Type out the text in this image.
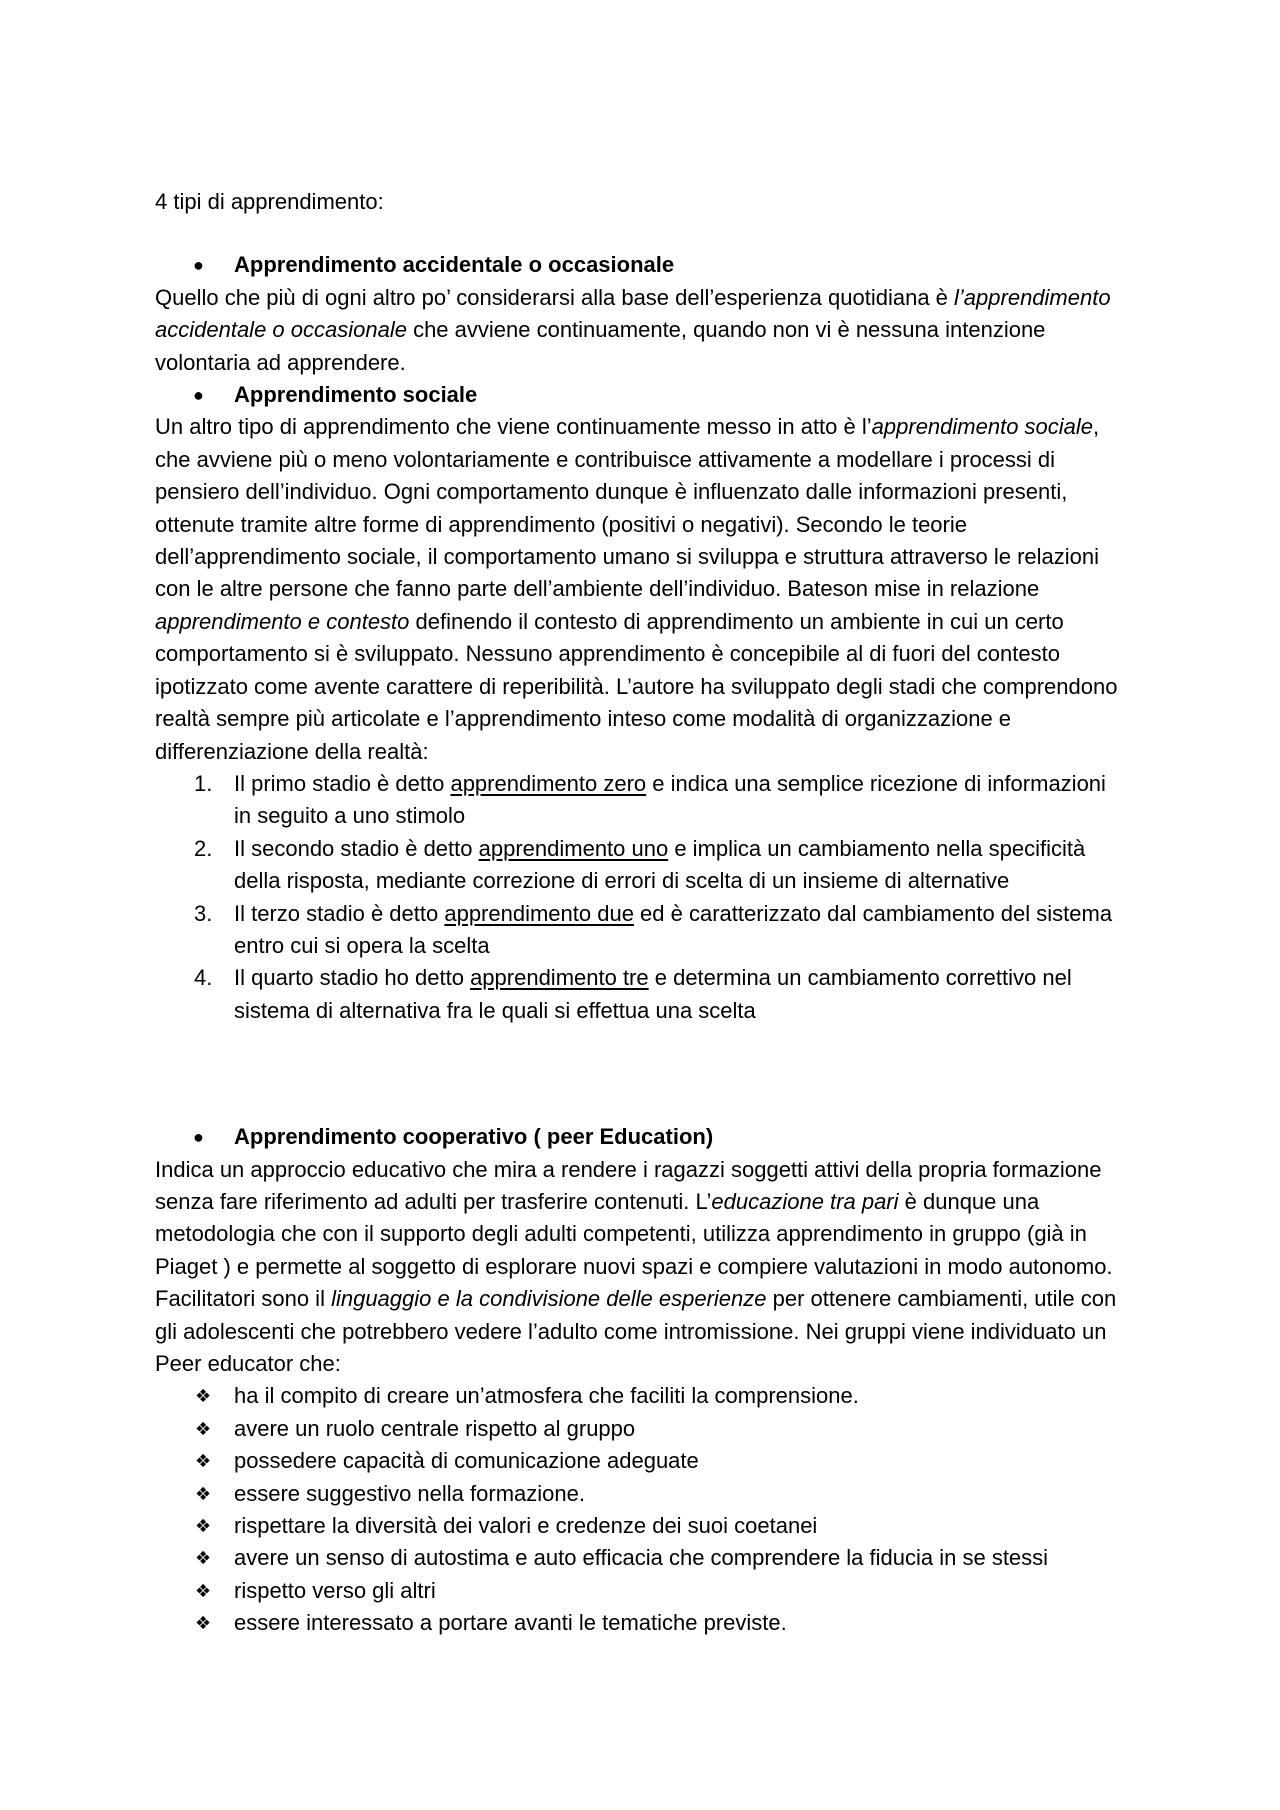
4 tipi di apprendimento:

● Apprendimento accidentale o occasionale

Quello che più di ogni altro po’ considerarsi alla base dell’esperienza quotidiana è l’apprendimento accidentale o occasionale che avviene continuamente, quando non vi è nessuna intenzione volontaria ad apprendere.

● Apprendimento sociale

Un altro tipo di apprendimento che viene continuamente messo in atto è l’apprendimento sociale, che avviene più o meno volontariamente e contribuisce attivamente a modellare i processi di pensiero dell’individuo. Ogni comportamento dunque è influenzato dalle informazioni presenti, ottenute tramite altre forme di apprendimento (positivi o negativi). Secondo le teorie dell’apprendimento sociale, il comportamento umano si sviluppa e struttura attraverso le relazioni con le altre persone che fanno parte dell’ambiente dell’individuo. Bateson mise in relazione apprendimento e contesto definendo il contesto di apprendimento un ambiente in cui un certo comportamento si è sviluppato. Nessuno apprendimento è concepibile al di fuori del contesto ipotizzato come avente carattere di reperibilità. L’autore ha sviluppato degli stadi che comprendono realtà sempre più articolate e l’apprendimento inteso come modalità di organizzazione e differenziazione della realtà:

1. Il primo stadio è detto apprendimento zero e indica una semplice ricezione di informazioni in seguito a uno stimolo
2. Il secondo stadio è detto apprendimento uno e implica un cambiamento nella specificità della risposta, mediante correzione di errori di scelta di un insieme di alternative
3. Il terzo stadio è detto apprendimento due ed è caratterizzato dal cambiamento del sistema entro cui si opera la scelta
4. Il quarto stadio ho detto apprendimento tre e determina un cambiamento correttivo nel sistema di alternativa fra le quali si effettua una scelta
● Apprendimento cooperativo ( peer Education)

Indica un approccio educativo che mira a rendere i ragazzi soggetti attivi della propria formazione senza fare riferimento ad adulti per trasferire contenuti. L’educazione tra pari è dunque una metodologia che con il supporto degli adulti competenti, utilizza apprendimento in gruppo (già in Piaget ) e permette al soggetto di esplorare nuovi spazi e compiere valutazioni in modo autonomo. Facilitatori sono il linguaggio e la condivisione delle esperienze per ottenere cambiamenti, utile con gli adolescenti che potrebbero vedere l’adulto come intromissione. Nei gruppi viene individuato un Peer educator che:

❖ ha il compito di creare un’atmosfera che faciliti la comprensione.
❖ avere un ruolo centrale rispetto al gruppo
❖ possedere capacità di comunicazione adeguate
❖ essere suggestivo nella formazione.
❖ rispettare la diversità dei valori e credenze dei suoi coetanei
❖ avere un senso di autostima e auto efficacia che comprendere la fiducia in se stessi
❖ rispetto verso gli altri
❖ essere interessato a portare avanti le tematiche previste.
